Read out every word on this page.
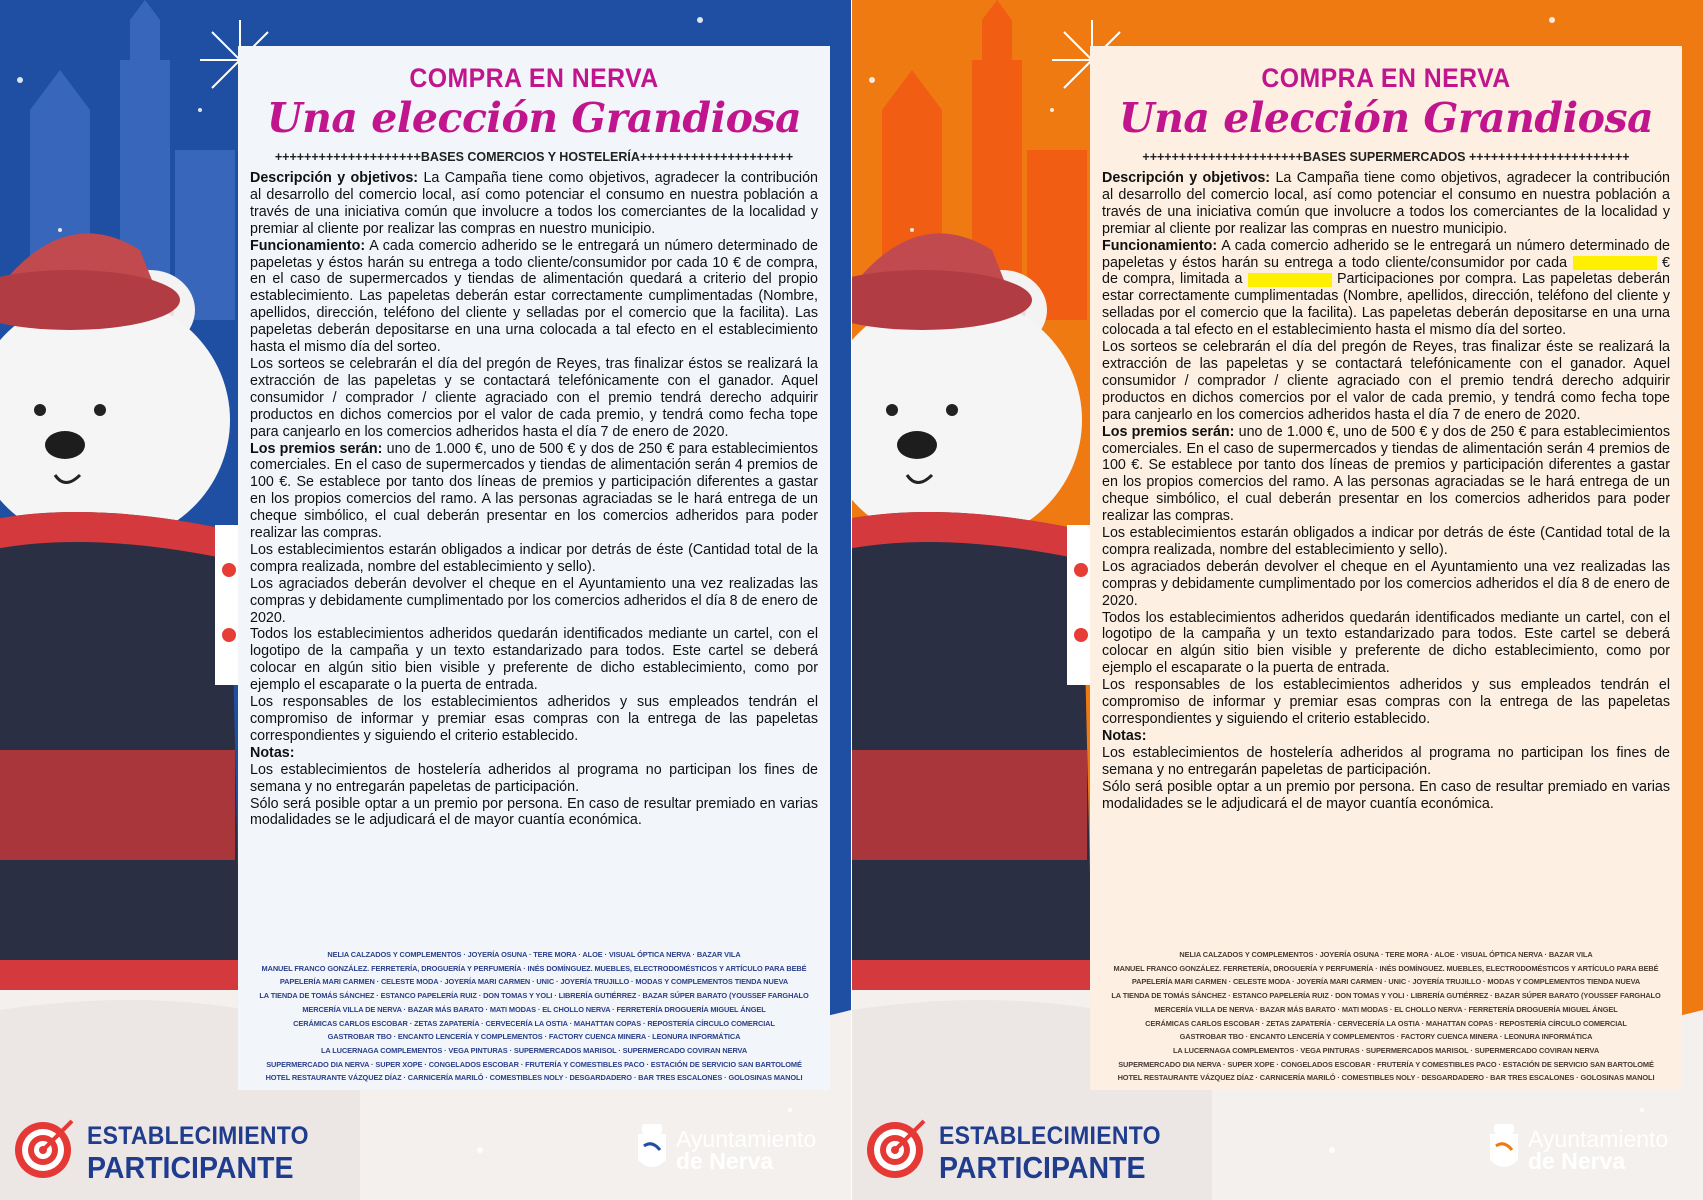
COMPRA EN NERVA
Una elección Grandiosa
++++++++++++++++++++BASES COMERCIOS Y HOSTELERÍA+++++++++++++++++++++

Descripción y objetivos: La Campaña tiene como objetivos, agradecer la contribución al desarrollo del comercio local, así como potenciar el consumo en nuestra población a través de una iniciativa común que involucre a todos los comerciantes de la localidad y premiar al cliente por realizar las compras en nuestro municipio.

Funcionamiento: A cada comercio adherido se le entregará un número determinado de papeletas y éstos harán su entrega a todo cliente/consumidor por cada 10 € de compra, en el caso de supermercados y tiendas de alimentación quedará a criterio del propio establecimiento. Las papeletas deberán estar correctamente cumplimentadas (Nombre, apellidos, dirección, teléfono del cliente y selladas por el comercio que la facilita). Las papeletas deberán depositarse en una urna colocada a tal efecto en el establecimiento hasta el mismo día del sorteo.

Los sorteos se celebrarán el día del pregón de Reyes, tras finalizar éstos se realizará la extracción de las papeletas y se contactará telefónicamente con el ganador. Aquel consumidor / comprador / cliente agraciado con el premio tendrá derecho adquirir productos en dichos comercios por el valor de cada premio, y tendrá como fecha tope para canjearlo en los comercios adheridos hasta el día 7 de enero de 2020.

Los premios serán: uno de 1.000 €, uno de 500 € y dos de 250 € para establecimientos comerciales. En el caso de supermercados y tiendas de alimentación serán 4 premios de 100 €. Se establece por tanto dos líneas de premios y participación diferentes a gastar en los propios comercios del ramo. A las personas agraciadas se le hará entrega de un cheque simbólico, el cual deberán presentar en los comercios adheridos para poder realizar las compras.

Los establecimientos estarán obligados a indicar por detrás de éste (Cantidad total de la compra realizada, nombre del establecimiento y sello).

Los agraciados deberán devolver el cheque en el Ayuntamiento una vez realizadas las compras y debidamente cumplimentado por los comercios adheridos el día 8 de enero de 2020.

Todos los establecimientos adheridos quedarán identificados mediante un cartel, con el logotipo de la campaña y un texto estandarizado para todos. Este cartel se deberá colocar en algún sitio bien visible y preferente de dicho establecimiento, como por ejemplo el escaparate o la puerta de entrada.

Los responsables de los establecimientos adheridos y sus empleados tendrán el compromiso de informar y premiar esas compras con la entrega de las papeletas correspondientes y siguiendo el criterio establecido.

Notas:

Los establecimientos de hostelería adheridos al programa no participan los fines de semana y no entregarán papeletas de participación.

Sólo será posible optar a un premio por persona. En caso de resultar premiado en varias modalidades se le adjudicará el de mayor cuantía económica.

NELIA CALZADOS Y COMPLEMENTOS · JOYERÍA OSUNA · TERE MORA · ALOE · VISUAL ÓPTICA NERVA · BAZAR VILA
MANUEL FRANCO GONZÁLEZ. FERRETERÍA, DROGUERÍA Y PERFUMERÍA · INÉS DOMÍNGUEZ. MUEBLES, ELECTRODOMÉSTICOS Y ARTÍCULO PARA BEBÉ
PAPELERÍA MARI CARMEN · CELESTE MODA · JOYERÍA MARI CARMEN · UNIC · JOYERÍA TRUJILLO · MODAS Y COMPLEMENTOS TIENDA NUEVA
LA TIENDA DE TOMÁS SÁNCHEZ · ESTANCO PAPELERÍA RUIZ · DON TOMAS Y YOLI · LIBRERÍA GUTIÉRREZ · BAZAR SÚPER BARATO (YOUSSEF FARGHALO
MERCERÍA VILLA DE NERVA · BAZAR MÁS BARATO · MATI MODAS · EL CHOLLO NERVA · FERRETERÍA DROGUERÍA MIGUEL ÁNGEL
CERÁMICAS CARLOS ESCOBAR · ZETAS ZAPATERÍA · CERVECERÍA LA OSTIA · MAHATTAN COPAS · REPOSTERÍA CÍRCULO COMERCIAL
GASTROBAR TBO · ENCANTO LENCERÍA Y COMPLEMENTOS · FACTORY CUENCA MINERA · LEONURA INFORMÁTICA
LA LUCERNAGA COMPLEMENTOS · VEGA PINTURAS · SUPERMERCADOS MARISOL · SUPERMERCADO COVIRAN NERVA
SUPERMERCADO DIA NERVA · SUPER XOPE · CONGELADOS ESCOBAR · FRUTERÍA Y COMESTIBLES PACO · ESTACIÓN DE SERVICIO SAN BARTOLOMÉ
HOTEL RESTAURANTE VÁZQUEZ DÍAZ · CARNICERÍA MARILÓ · COMESTIBLES NOLY · DESGARDADERO · BAR TRES ESCALONES · GOLOSINAS MANOLI
ESTABLECIMIENTO
PARTICIPANTE
Ayuntamiento
de Nerva
COMPRA EN NERVA
Una elección Grandiosa
++++++++++++++++++++++BASES SUPERMERCADOS ++++++++++++++++++++++

Descripción y objetivos: La Campaña tiene como objetivos, agradecer la contribución al desarrollo del comercio local, así como potenciar el consumo en nuestra población a través de una iniciativa común que involucre a todos los comerciantes de la localidad y premiar al cliente por realizar las compras en nuestro municipio.

Funcionamiento: A cada comercio adherido se le entregará un número determinado de papeletas y éstos harán su entrega a todo cliente/consumidor por cada	€ de compra, limitada a	Participaciones por compra. Las papeletas deberán estar correctamente cumplimentadas (Nombre, apellidos, dirección, teléfono del cliente y selladas por el comercio que la facilita). Las papeletas deberán depositarse en una urna colocada a tal efecto en el establecimiento hasta el mismo día del sorteo.

Los sorteos se celebrarán el día del pregón de Reyes, tras finalizar éste se realizará la extracción de las papeletas y se contactará telefónicamente con el ganador. Aquel consumidor / comprador / cliente agraciado con el premio tendrá derecho adquirir productos en dichos comercios por el valor de cada premio, y tendrá como fecha tope para canjearlo en los comercios adheridos hasta el día 7 de enero de 2020.

Los premios serán: uno de 1.000 €, uno de 500 € y dos de 250 € para establecimientos comerciales. En el caso de supermercados y tiendas de alimentación serán 4 premios de 100 €. Se establece por tanto dos líneas de premios y participación diferentes a gastar en los propios comercios del ramo. A las personas agraciadas se le hará entrega de un cheque simbólico, el cual deberán presentar en los comercios adheridos para poder realizar las compras.

Los establecimientos estarán obligados a indicar por detrás de éste (Cantidad total de la compra realizada, nombre del establecimiento y sello).

Los agraciados deberán devolver el cheque en el Ayuntamiento una vez realizadas las compras y debidamente cumplimentado por los comercios adheridos el día 8 de enero de 2020.

Todos los establecimientos adheridos quedarán identificados mediante un cartel, con el logotipo de la campaña y un texto estandarizado para todos. Este cartel se deberá colocar en algún sitio bien visible y preferente de dicho establecimiento, como por ejemplo el escaparate o la puerta de entrada.

Los responsables de los establecimientos adheridos y sus empleados tendrán el compromiso de informar y premiar esas compras con la entrega de las papeletas correspondientes y siguiendo el criterio establecido.

Notas:

Los establecimientos de hostelería adheridos al programa no participan los fines de semana y no entregarán papeletas de participación.

Sólo será posible optar a un premio por persona. En caso de resultar premiado en varias modalidades se le adjudicará el de mayor cuantía económica.

NELIA CALZADOS Y COMPLEMENTOS · JOYERÍA OSUNA · TERE MORA · ALOE · VISUAL ÓPTICA NERVA · BAZAR VILA
MANUEL FRANCO GONZÁLEZ. FERRETERÍA, DROGUERÍA Y PERFUMERÍA · INÉS DOMÍNGUEZ. MUEBLES, ELECTRODOMÉSTICOS Y ARTÍCULO PARA BEBÉ
PAPELERÍA MARI CARMEN · CELESTE MODA · JOYERÍA MARI CARMEN · UNIC · JOYERÍA TRUJILLO · MODAS Y COMPLEMENTOS TIENDA NUEVA
LA TIENDA DE TOMÁS SÁNCHEZ · ESTANCO PAPELERÍA RUIZ · DON TOMAS Y YOLI · LIBRERÍA GUTIÉRREZ · BAZAR SÚPER BARATO (YOUSSEF FARGHALO
MERCERÍA VILLA DE NERVA · BAZAR MÁS BARATO · MATI MODAS · EL CHOLLO NERVA · FERRETERÍA DROGUERÍA MIGUEL ÁNGEL
CERÁMICAS CARLOS ESCOBAR · ZETAS ZAPATERÍA · CERVECERÍA LA OSTIA · MAHATTAN COPAS · REPOSTERÍA CÍRCULO COMERCIAL
GASTROBAR TBO · ENCANTO LENCERÍA Y COMPLEMENTOS · FACTORY CUENCA MINERA · LEONURA INFORMÁTICA
LA LUCERNAGA COMPLEMENTOS · VEGA PINTURAS · SUPERMERCADOS MARISOL · SUPERMERCADO COVIRAN NERVA
SUPERMERCADO DIA NERVA · SUPER XOPE · CONGELADOS ESCOBAR · FRUTERÍA Y COMESTIBLES PACO · ESTACIÓN DE SERVICIO SAN BARTOLOMÉ
HOTEL RESTAURANTE VÁZQUEZ DÍAZ · CARNICERÍA MARILÓ · COMESTIBLES NOLY · DESGARDADERO · BAR TRES ESCALONES · GOLOSINAS MANOLI
ESTABLECIMIENTO
PARTICIPANTE
Ayuntamiento
de Nerva
